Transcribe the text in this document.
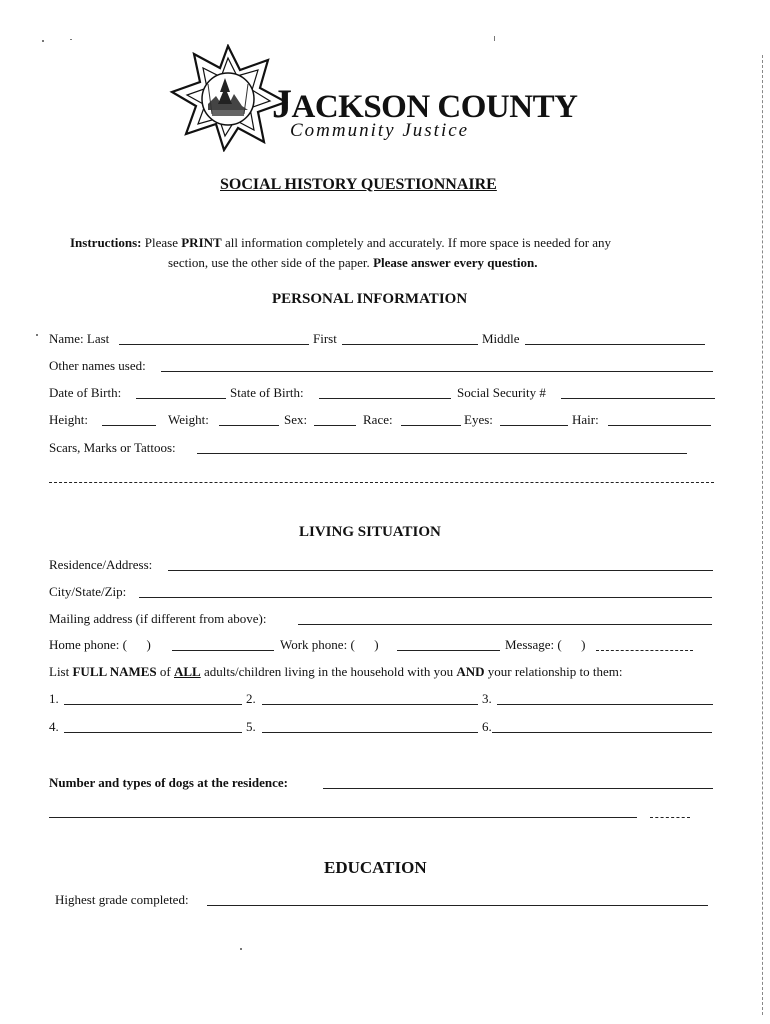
JACKSON COUNTY
Community Justice
SOCIAL HISTORY QUESTIONNAIRE
Instructions: Please PRINT all information completely and accurately. If more space is needed for any
section, use the other side of the paper. Please answer every question.
PERSONAL INFORMATION
Name: Last	First	Middle
Other names used:
Date of Birth:	State of Birth:	Social Security #
Height:	Weight:	Sex:	Race:	Eyes:	Hair:
Scars, Marks or Tattoos:
LIVING SITUATION
Residence/Address:
City/State/Zip:
Mailing address (if different from above):
Home phone: (      )	Work phone: (      )	Message: (      )
List FULL NAMES of ALL adults/children living in the household with you AND your relationship to them:
1.	2.	3.
4.	5.	6.
Number and types of dogs at the residence:
EDUCATION
Highest grade completed:
